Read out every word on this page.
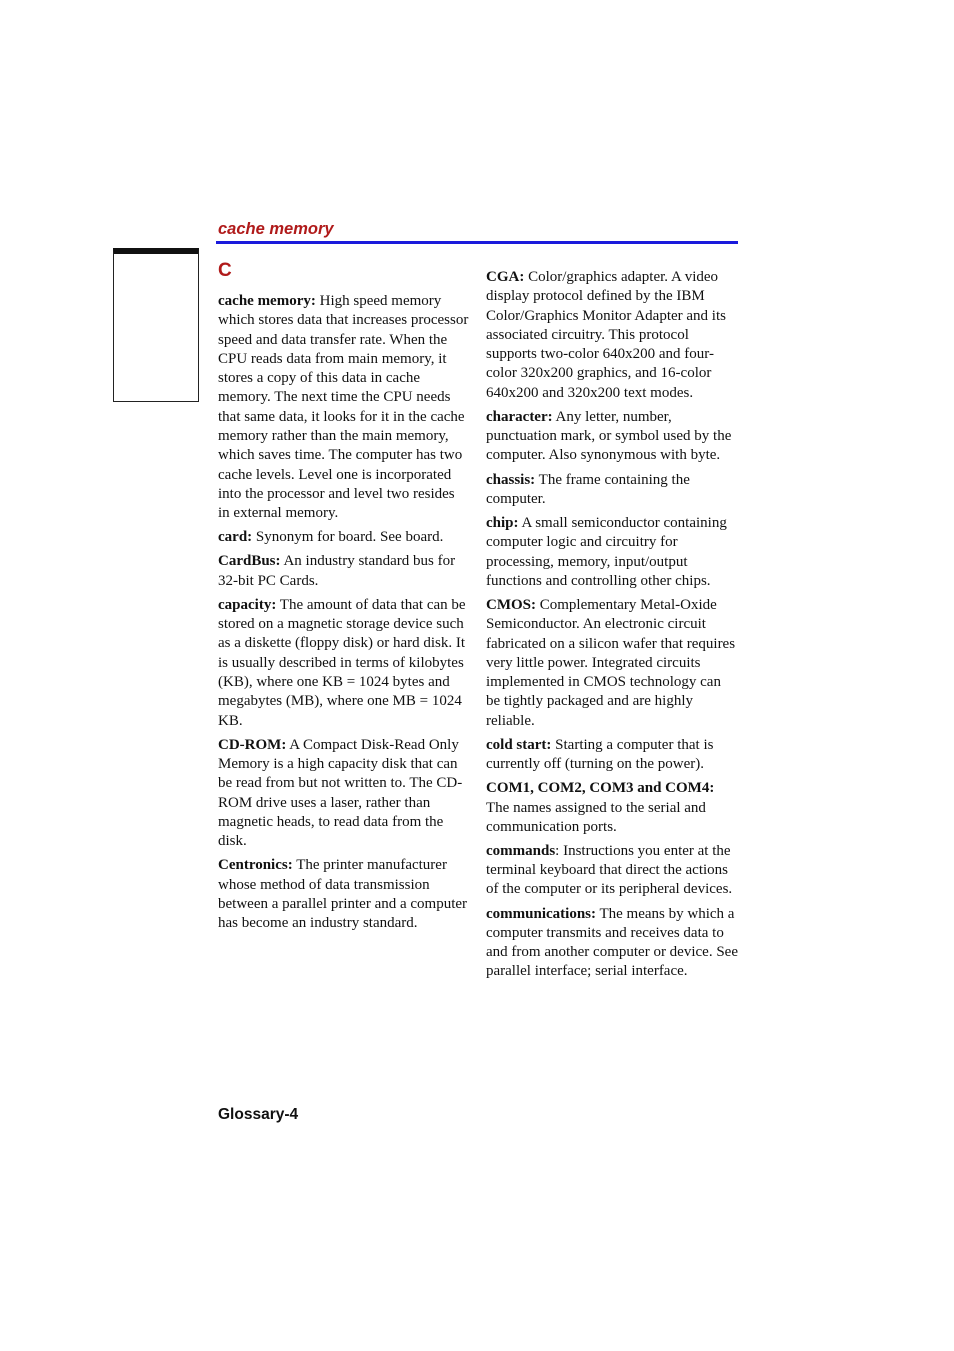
cache memory
C

cache memory: High speed memory which stores data that increases processor speed and data transfer rate. When the CPU reads data from main memory, it stores a copy of this data in cache memory. The next time the CPU needs that same data, it looks for it in the cache memory rather than the main memory, which saves time. The computer has two cache levels. Level one is incorporated into the processor and level two resides in external memory.

card: Synonym for board. See board.

CardBus: An industry standard bus for 32-bit PC Cards.

capacity: The amount of data that can be stored on a magnetic storage device such as a diskette (floppy disk) or hard disk. It is usually described in terms of kilobytes (KB), where one KB = 1024 bytes and megabytes (MB), where one MB = 1024 KB.

CD-ROM: A Compact Disk-Read Only Memory is a high capacity disk that can be read from but not written to. The CD-ROM drive uses a laser, rather than magnetic heads, to read data from the disk.

Centronics: The printer manufacturer whose method of data transmission between a parallel printer and a computer has become an industry standard.

CGA: Color/graphics adapter. A video display protocol defined by the IBM Color/Graphics Monitor Adapter and its associated circuitry. This protocol supports two-color 640x200 and four-color 320x200 graphics, and 16-color 640x200 and 320x200 text modes.

character: Any letter, number, punctuation mark, or symbol used by the computer. Also synonymous with byte.

chassis: The frame containing the computer.

chip: A small semiconductor containing computer logic and circuitry for processing, memory, input/output functions and controlling other chips.

CMOS: Complementary Metal-Oxide Semiconductor. An electronic circuit fabricated on a silicon wafer that requires very little power. Integrated circuits implemented in CMOS technology can be tightly packaged and are highly reliable.

cold start: Starting a computer that is currently off (turning on the power).

COM1, COM2, COM3 and COM4: The names assigned to the serial and communication ports.

commands: Instructions you enter at the terminal keyboard that direct the actions of the computer or its peripheral devices.

communications: The means by which a computer transmits and receives data to and from another computer or device. See parallel interface; serial interface.

Glossary-4
